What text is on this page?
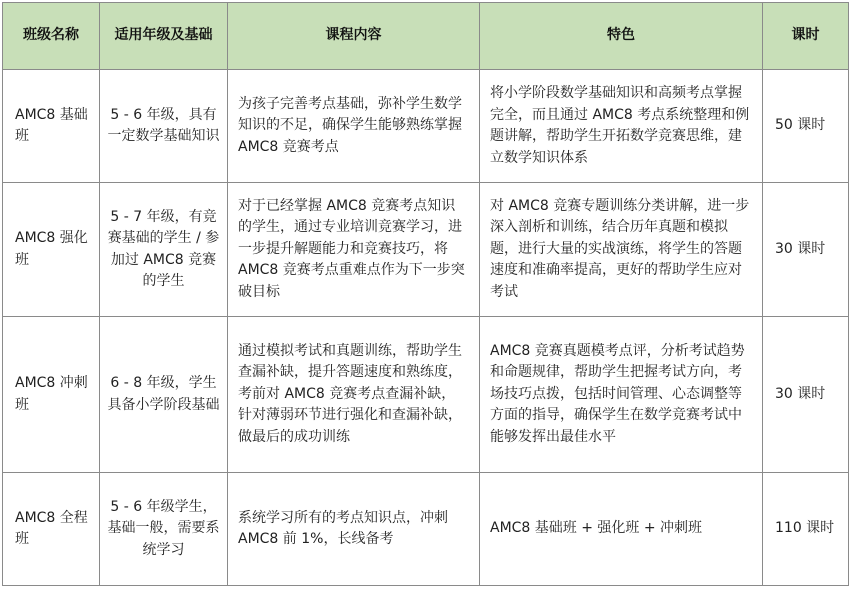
班级名称	适用年级及基础	课程内容	特色	课时
AMC8 基础班	5 - 6 年级，具有一定数学基础知识	为孩子完善考点基础，弥补学生数学知识的不足，确保学生能够熟练掌握 AMC8 竞赛考点	将小学阶段数学基础知识和高频考点掌握完全，而且通过 AMC8 考点系统整理和例题讲解，帮助学生开拓数学竞赛思维，建立数学知识体系	50 课时
AMC8 强化班	5 - 7 年级，有竞赛基础的学生 / 参加过 AMC8 竞赛的学生	对于已经掌握 AMC8 竞赛考点知识的学生，通过专业培训竞赛学习，进一步提升解题能力和竞赛技巧，将 AMC8 竞赛考点重难点作为下一步突破目标	对 AMC8 竞赛专题训练分类讲解，进一步深入剖析和训练，结合历年真题和模拟题，进行大量的实战演练，将学生的答题速度和准确率提高，更好的帮助学生应对考试	30 课时
AMC8 冲刺班	6 - 8 年级，学生具备小学阶段基础	通过模拟考试和真题训练，帮助学生查漏补缺，提升答题速度和熟练度，考前对 AMC8 竞赛考点查漏补缺，针对薄弱环节进行强化和查漏补缺，做最后的成功训练	AMC8 竞赛真题模考点评，分析考试趋势和命题规律，帮助学生把握考试方向，考场技巧点拨，包括时间管理、心态调整等方面的指导，确保学生在数学竞赛考试中能够发挥出最佳水平	30 课时
AMC8 全程班	5 - 6 年级学生，基础一般，需要系统学习	系统学习所有的考点知识点，冲刺 AMC8 前 1%，长线备考	AMC8 基础班 + 强化班 + 冲刺班	110 课时
